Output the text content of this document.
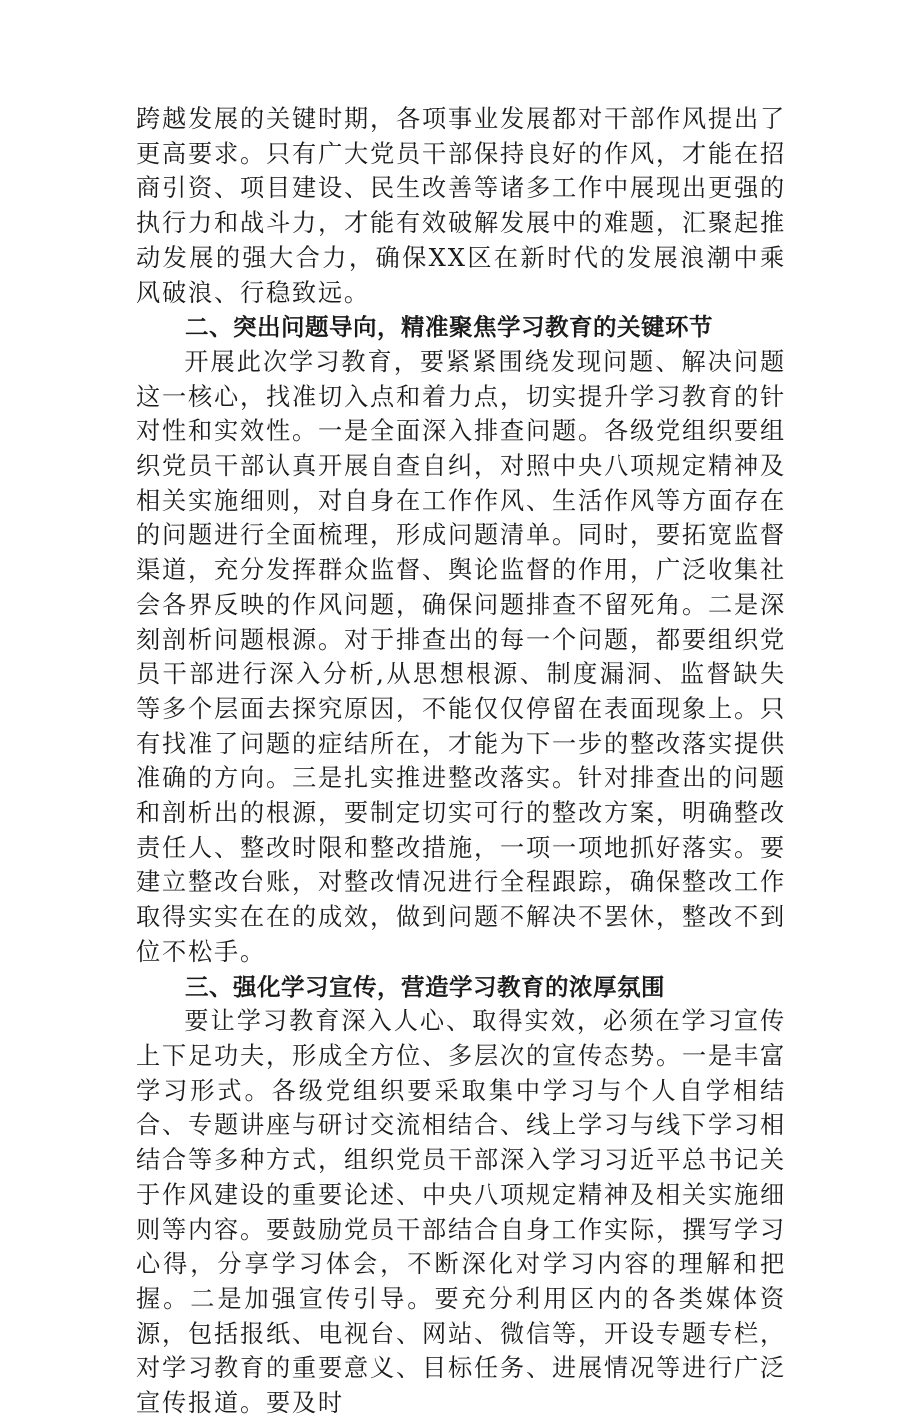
跨越发展的关键时期，各项事业发展都对干部作风提出了更高要求。只有广大党员干部保持良好的作风，才能在招商引资、项目建设、民生改善等诸多工作中展现出更强的执行力和战斗力，才能有效破解发展中的难题，汇聚起推动发展的强大合力，确保XX区在新时代的发展浪潮中乘风破浪、行稳致远。

二、突出问题导向，精准聚焦学习教育的关键环节

开展此次学习教育，要紧紧围绕发现问题、解决问题这一核心，找准切入点和着力点，切实提升学习教育的针对性和实效性。一是全面深入排查问题。各级党组织要组织党员干部认真开展自查自纠，对照中央八项规定精神及相关实施细则，对自身在工作作风、生活作风等方面存在的问题进行全面梳理，形成问题清单。同时，要拓宽监督渠道，充分发挥群众监督、舆论监督的作用，广泛收集社会各界反映的作风问题，确保问题排查不留死角。二是深刻剖析问题根源。对于排查出的每一个问题，都要组织党员干部进行深入分析,从思想根源、制度漏洞、监督缺失等多个层面去探究原因，不能仅仅停留在表面现象上。只有找准了问题的症结所在，才能为下一步的整改落实提供准确的方向。三是扎实推进整改落实。针对排查出的问题和剖析出的根源，要制定切实可行的整改方案，明确整改责任人、整改时限和整改措施，一项一项地抓好落实。要建立整改台账，对整改情况进行全程跟踪，确保整改工作取得实实在在的成效，做到问题不解决不罢休，整改不到位不松手。

三、强化学习宣传，营造学习教育的浓厚氛围

要让学习教育深入人心、取得实效，必须在学习宣传上下足功夫，形成全方位、多层次的宣传态势。一是丰富学习形式。各级党组织要采取集中学习与个人自学相结合、专题讲座与研讨交流相结合、线上学习与线下学习相结合等多种方式，组织党员干部深入学习习近平总书记关于作风建设的重要论述、中央八项规定精神及相关实施细则等内容。要鼓励党员干部结合自身工作实际，撰写学习心得，分享学习体会，不断深化对学习内容的理解和把握。二是加强宣传引导。要充分利用区内的各类媒体资源，包括报纸、电视台、网站、微信等，开设专题专栏，对学习教育的重要意义、目标任务、进展情况等进行广泛宣传报道。要及时
